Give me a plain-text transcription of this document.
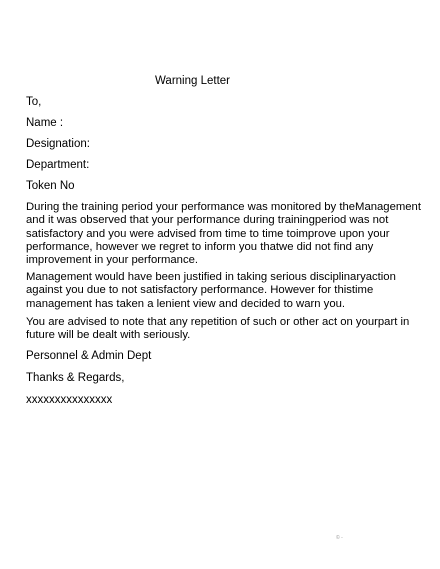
Warning Letter
To,
Name :
Designation:
Department:
Token No
During the training period your performance was monitored by theManagement
and it was observed that your performance during trainingperiod was not
satisfactory and you were advised from time to time toimprove upon your
performance, however we regret to inform you thatwe did not find any
improvement in your performance.
Management would have been justified in taking serious disciplinaryaction
against you due to not satisfactory performance. However for thistime
management has taken a lenient view and decided to warn you.
You are advised to note that any repetition of such or other act on yourpart in
future will be dealt with seriously.
Personnel & Admin Dept
Thanks & Regards,
xxxxxxxxxxxxxxx
© -
